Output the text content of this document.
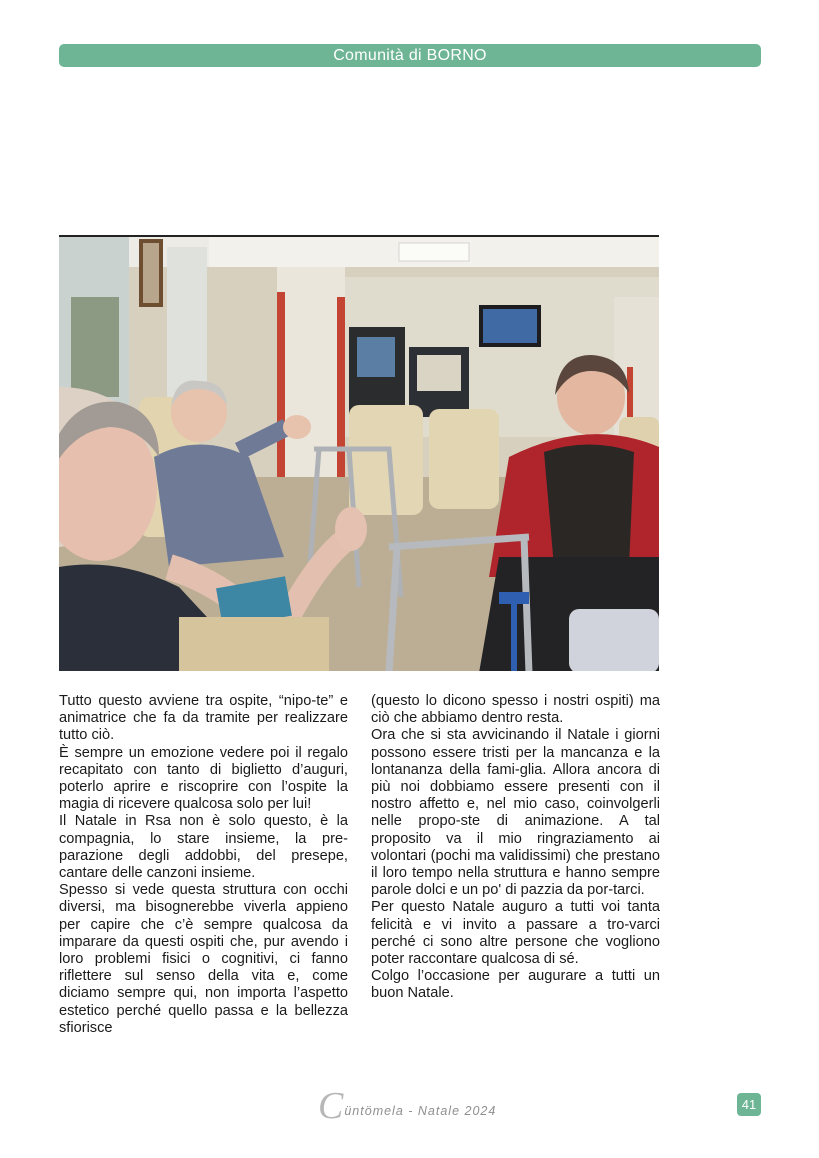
Comunità di BORNO

Tutto questo avviene tra ospite, “nipo-te” e animatrice che fa da tramite per realizzare tutto ciò.

È sempre un emozione vedere poi il regalo recapitato con tanto di biglietto d’auguri, poterlo aprire e riscoprire con l’ospite la magia di ricevere qualcosa solo per lui!

Il Natale in Rsa non è solo questo, è la compagnia, lo stare insieme, la pre-parazione degli addobbi, del presepe, cantare delle canzoni insieme.

Spesso si vede questa struttura con occhi diversi, ma bisognerebbe viverla appieno per capire che c’è sempre qualcosa da imparare da questi ospiti che, pur avendo i loro problemi fisici o cognitivi, ci fanno riflettere sul senso della vita e, come diciamo sempre qui, non importa l’aspetto estetico perché quello passa e la bellezza sfiorisce

(questo lo dicono spesso i nostri ospiti) ma ciò che abbiamo dentro resta.

Ora che si sta avvicinando il Natale i giorni possono essere tristi per la mancanza e la lontananza della fami-glia. Allora ancora di più noi dobbiamo essere presenti con il nostro affetto e, nel mio caso, coinvolgerli nelle propo-ste di animazione. A tal proposito va il mio ringraziamento ai volontari (pochi ma validissimi) che prestano il loro tempo nella struttura e hanno sempre parole dolci e un po' di pazzia da por-tarci.

Per questo Natale auguro a tutti voi tanta felicità e vi invito a passare a tro-varci perché ci sono altre persone che vogliono poter raccontare qualcosa di sé.

Colgo l’occasione per augurare a tutti un buon Natale.

C üntömela - Natale 2024	41
